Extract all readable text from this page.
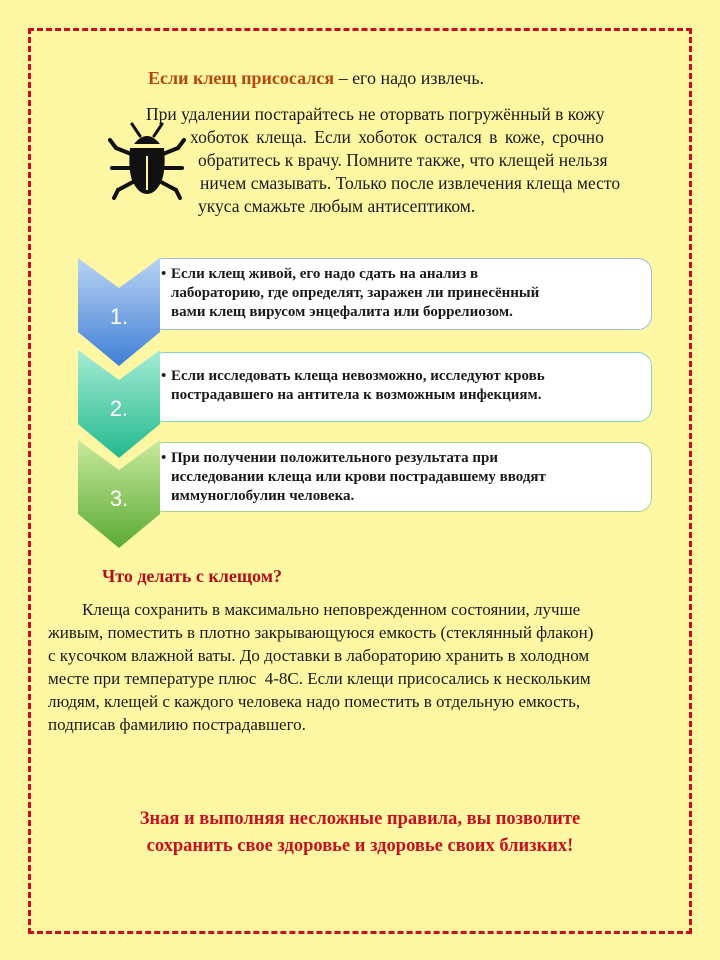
Если клещ присосался – его надо извлечь.
При удалении постарайтесь не оторвать погружённый в кожу
хоботок клеща. Если хоботок остался в коже, срочно
обратитесь к врачу. Помните также, что клещей нельзя
ничем смазывать. Только после извлечения клеща место
укуса смажьте любым антисептиком.
• Если клещ живой, его надо сдать на анализ в
лабораторию, где определят, заражен ли принесённый
вами клещ вирусом энцефалита или боррелиозом.
1.
• Если исследовать клеща невозможно, исследуют кровь
пострадавшего на антитела к возможным инфекциям.
2.
• При получении положительного результата при
исследовании клеща или крови пострадавшему вводят
иммуноглобулин человека.
3.
Что делать с клещом?
Клеща сохранить в максимально неповрежденном состоянии, лучше
живым, поместить в плотно закрывающуюся емкость (стеклянный флакон)
с кусочком влажной ваты. До доставки в лабораторию хранить в холодном
месте при температуре плюс  4-8С. Если клещи присосались к нескольким
людям, клещей с каждого человека надо поместить в отдельную емкость,
подписав фамилию пострадавшего.
Зная и выполняя несложные правила, вы позволите
сохранить свое здоровье и здоровье своих близких!
